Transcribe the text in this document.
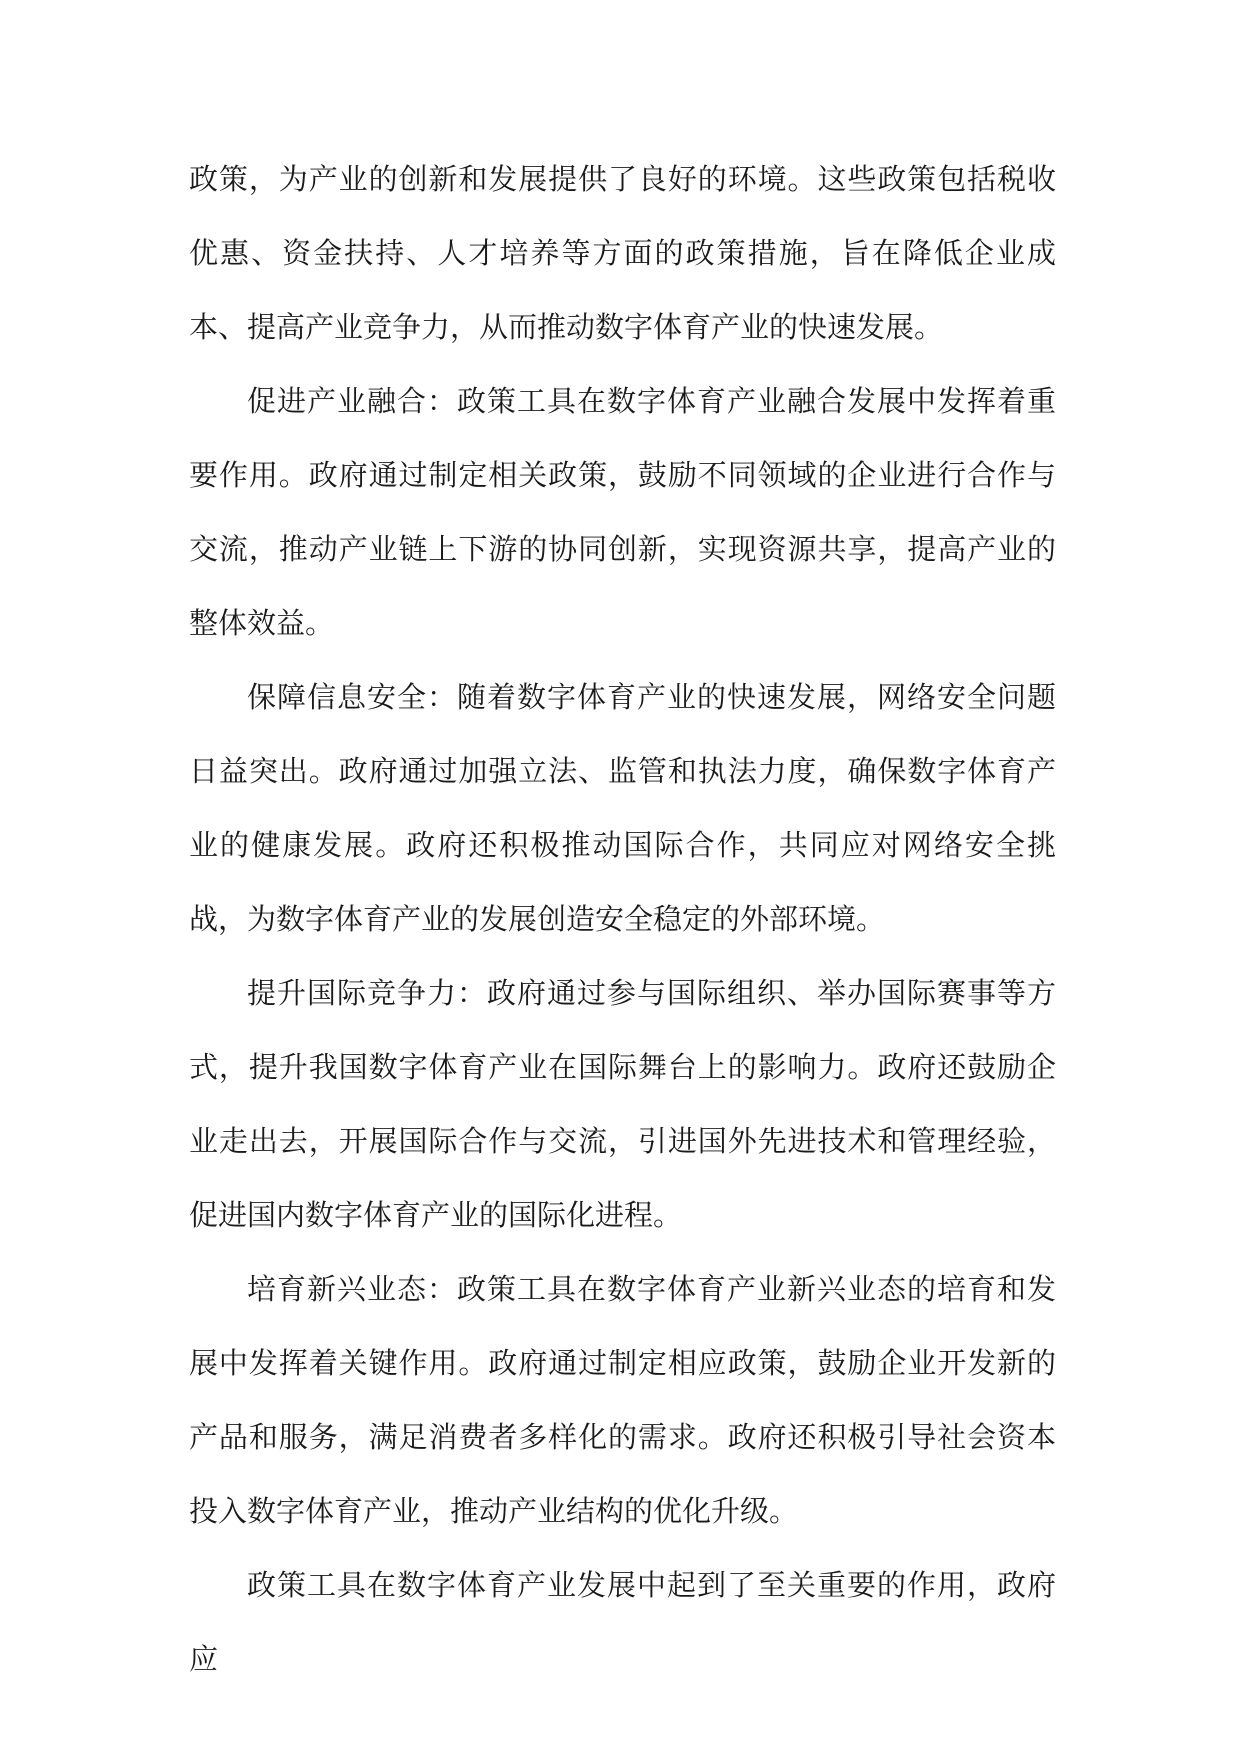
政策，为产业的创新和发展提供了良好的环境。这些政策包括税收优惠、资金扶持、人才培养等方面的政策措施，旨在降低企业成本、提高产业竞争力，从而推动数字体育产业的快速发展。

促进产业融合：政策工具在数字体育产业融合发展中发挥着重要作用。政府通过制定相关政策，鼓励不同领域的企业进行合作与交流，推动产业链上下游的协同创新，实现资源共享，提高产业的整体效益。

保障信息安全：随着数字体育产业的快速发展，网络安全问题日益突出。政府通过加强立法、监管和执法力度，确保数字体育产业的健康发展。政府还积极推动国际合作，共同应对网络安全挑战，为数字体育产业的发展创造安全稳定的外部环境。

提升国际竞争力：政府通过参与国际组织、举办国际赛事等方式，提升我国数字体育产业在国际舞台上的影响力。政府还鼓励企业走出去，开展国际合作与交流，引进国外先进技术和管理经验，促进国内数字体育产业的国际化进程。

培育新兴业态：政策工具在数字体育产业新兴业态的培育和发展中发挥着关键作用。政府通过制定相应政策，鼓励企业开发新的产品和服务，满足消费者多样化的需求。政府还积极引导社会资本投入数字体育产业，推动产业结构的优化升级。

政策工具在数字体育产业发展中起到了至关重要的作用，政府应
